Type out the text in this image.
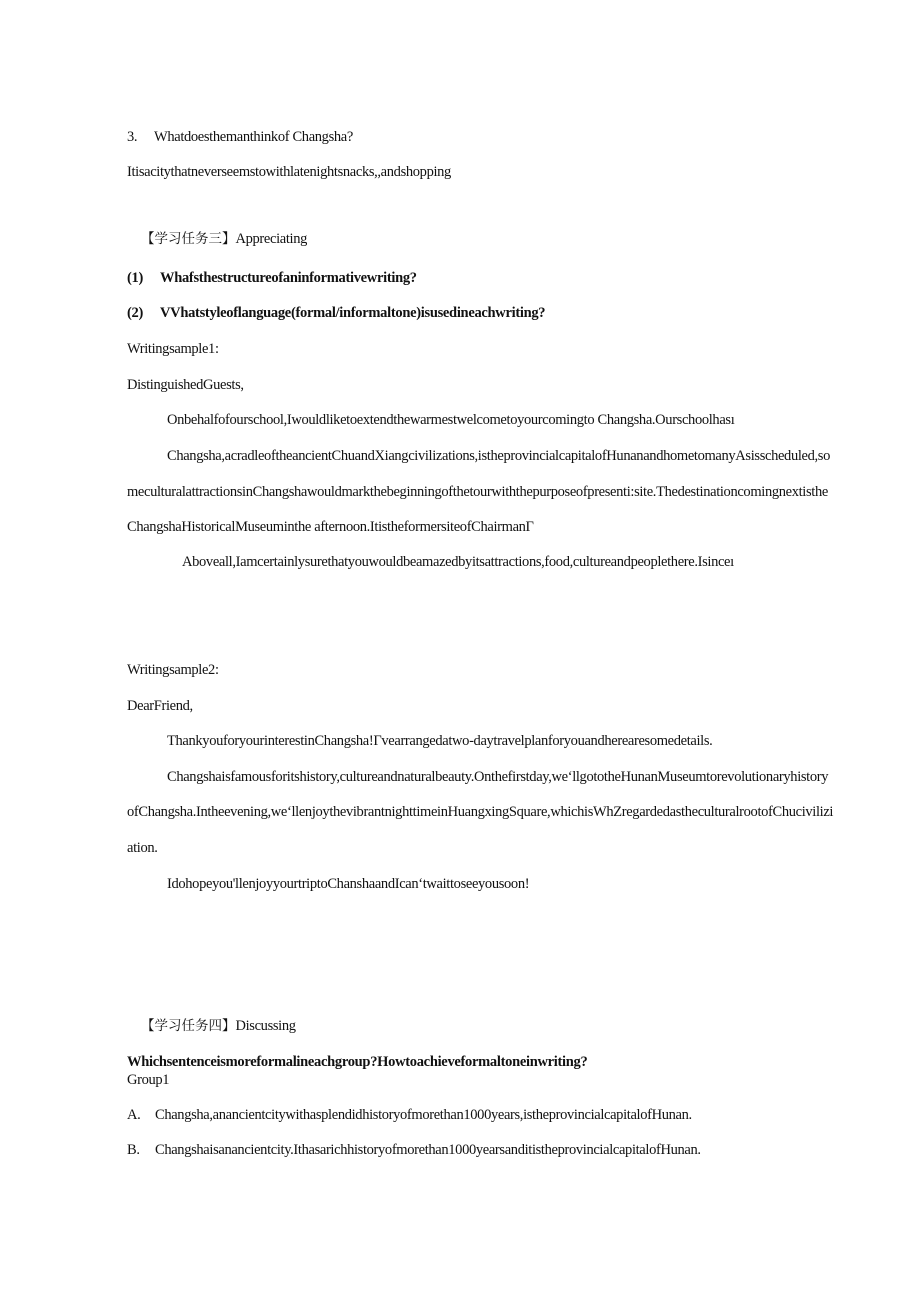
3. Whatdoesthemanthinkof Changsha?
Itisacitythatneverseemstowithlatenightsnacks,,andshopping
【学习任务三】Appreciating
(1) Whafsthestructureofaninformativewriting?
(2) VVhatstyleoflanguage(formal/informaltone)isusedineachwriting?
Writingsample1:
DistinguishedGuests,
Onbehalfofourschool,Iwouldliketoextendthewarmestwelcometoyourcomingto Changsha.Ourschoolhası
Changsha,acradleoftheancientChuandXiangcivilizations,istheprovincialcapitalofHunanandhometomanyAsisscheduled,so
meculturalattractionsinChangshawouldmarkthebeginningofthetourwiththepurposeofpresenti:site.Thedestinationcomingnextisthe
ChangshaHistoricalMuseuminthe afternoon.ItistheformersiteofChairmanΓ
Aboveall,Iamcertainlysurethatyouwouldbeamazedbyitsattractions,food,cultureandpeoplethere.Isinceı
Writingsample2:
DearFriend,
ThankyouforyourinterestinChangsha!Γvearrangedatwo-daytravelplanforyouandherearesomedetails.
Changshaisfamousforitshistory,cultureandnaturalbeauty.Onthefirstday,we‘llgototheHunanMuseumtorevolutionaryhistory
ofChangsha.Intheevening,we‘llenjoythevibrantnighttimeinHuangxingSquare,whichisWhZregardedastheculturalrootofChucivilizi
ation.
Idohopeyou'llenjoyyourtriptoChanshaandIcan‘twaittoseeyousoon!
【学习任务四】Discussing
Whichsentenceismoreformalineachgroup?Howtoachieveformaltoneinwriting?
Group1
A. Changsha,anancientcitywithasplendidhistoryofmorethan1000years,istheprovincialcapitalofHunan.
B. Changshaisanancientcity.Ithasarichhistoryofmorethan1000yearsanditistheprovincialcapitalofHunan.
